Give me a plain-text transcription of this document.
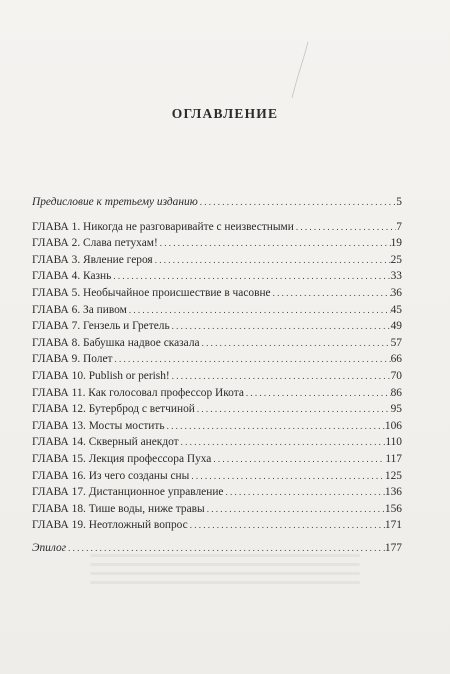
ОГЛАВЛЕНИЕ
Предисловие к третьему изданию . . .	5
ГЛАВА 1. Никогда не разговаривайте с неизвестными . . .	7
ГЛАВА 2. Слава петухам! . . .	19
ГЛАВА 3. Явление героя . . .	25
ГЛАВА 4. Казнь . . .	33
ГЛАВА 5. Необычайное происшествие в часовне . . .	36
ГЛАВА 6. За пивом . . .	45
ГЛАВА 7. Гензель и Гретель . . .	49
ГЛАВА 8. Бабушка надвое сказала . . .	57
ГЛАВА 9. Полет . . .	66
ГЛАВА 10. Publish or perish! . . .	70
ГЛАВА 11. Как голосовал профессор Икота . . .	86
ГЛАВА 12. Бутерброд с ветчиной . . .	95
ГЛАВА 13. Мосты мостить . . .	106
ГЛАВА 14. Скверный анекдот . . .	110
ГЛАВА 15. Лекция профессора Пуха . . .	117
ГЛАВА 16. Из чего созданы сны . . .	125
ГЛАВА 17. Дистанционное управление . . .	136
ГЛАВА 18. Тише воды, ниже травы . . .	156
ГЛАВА 19. Неотложный вопрос . . .	171
Эпилог . . .	177
